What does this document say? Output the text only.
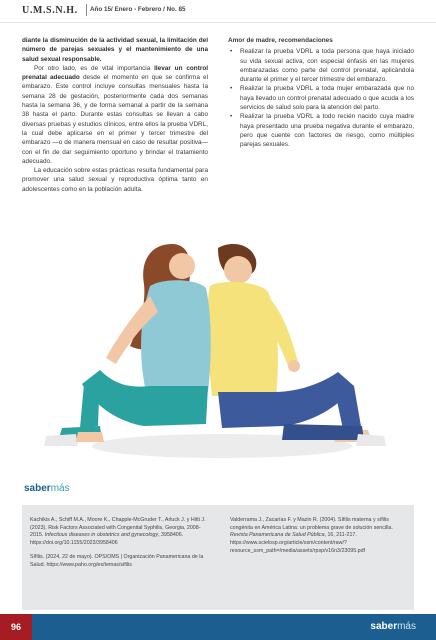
U.M.S.N.H. Año 15/ Enero - Febrero / No. 85

diante la disminución de la actividad sexual, la limitación del número de parejas sexuales y el mantenimiento de una salud sexual responsable.

Por otro lado, es de vital importancia llevar un control prenatal adecuado desde el momento en que se confirma el embarazo. Este control incluye consultas mensuales hasta la semana 28 de gestación, posteriormente cada dos semanas hasta la semana 36, y de forma semanal a partir de la semana 38 hasta el parto. Durante estas consultas se llevan a cabo diversas pruebas y estudios clínicos, entre ellos la prueba VDRL, la cual debe aplicarse en el primer y tercer trimestre del embarazo —o de manera mensual en caso de resultar positiva— con el fin de dar seguimiento oportuno y brindar el tratamiento adecuado.

La educación sobre estas prácticas resulta fundamental para promover una salud sexual y reproductiva óptima tanto en adolescentes como en la población adulta.

Amor de madre, recomendaciones

• Realizar la prueba VDRL a toda persona que haya iniciado su vida sexual activa, con especial énfasis en las mujeres embarazadas como parte del control prenatal, aplicándola durante el primer y el tercer trimestre del embarazo.
• Realizar la prueba VDRL a toda mujer embarazada que no haya llevado un control prenatal adecuado o que acuda a los servicios de salud solo para la atención del parto.
• Realizar la prueba VDRL a todo recién nacido cuya madre haya presentado una prueba negativa durante el embarazo, pero que cuente con factores de riesgo, como múltiples parejas sexuales.
sabermás

Kachikis A., Schiff M.A., Moore K., Chapple-McGruder T., Arluck J. y Hitti J. (2023). Risk Factors Associated with Congenital Syphilis, Georgia, 2008-2015. Infectious diseases in obstetrics and gynecology, 3958406. https://doi.org/10.1155/2023/3958406

Sífilis. (2024, 22 de mayo). OPS/OMS | Organización Panamericana de la Salud. https://www.paho.org/es/temas/sifilis

Valderrama J., Zacarías F. y Mazin R. (2004). Sífilis materna y sífilis congénita en América Latina: un problema grave de solución sencilla. Revista Panamericana de Salud Pública, 16, 211-217. https://www.scielosp.org/article/ssm/content/raw/?resource_ssm_path=/media/assets/rpsp/v16n3/23095.pdf

96	sabermás
